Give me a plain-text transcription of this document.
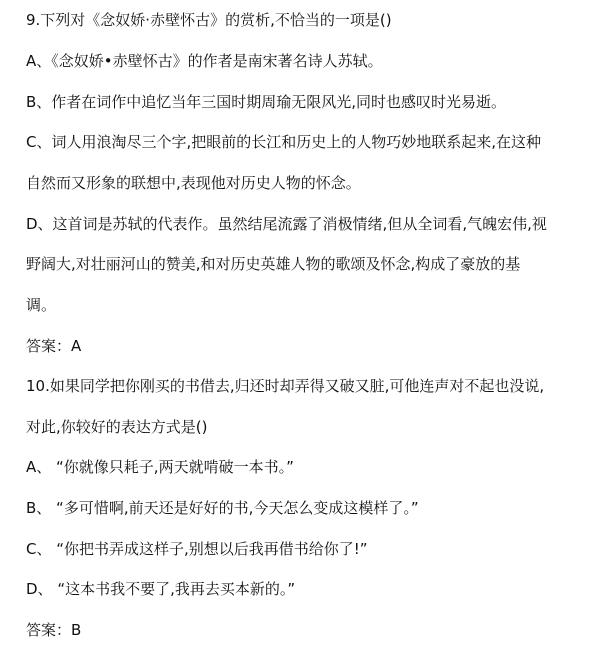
9.下列对《念奴娇·赤壁怀古》的赏析,不恰当的一项是()
A、《念奴娇•赤壁怀古》的作者是南宋著名诗人苏轼。
B、作者在词作中追忆当年三国时期周瑜无限风光,同时也感叹时光易逝。
C、词人用浪淘尽三个字,把眼前的长江和历史上的人物巧妙地联系起来,在这种
自然而又形象的联想中,表现他对历史人物的怀念。
D、这首词是苏轼的代表作。虽然结尾流露了消极情绪,但从全词看,气魄宏伟,视
野阔大,对壮丽河山的赞美,和对历史英雄人物的歌颂及怀念,构成了豪放的基
调。
答案：A
10.如果同学把你刚买的书借去,归还时却弄得又破又脏,可他连声对不起也没说,
对此,你较好的表达方式是()
A、 “你就像只耗子,两天就啃破一本书。”
B、 “多可惜啊,前天还是好好的书,今天怎么变成这模样了。”
C、 “你把书弄成这样子,别想以后我再借书给你了!”
D、 “这本书我不要了,我再去买本新的。”
答案：B
